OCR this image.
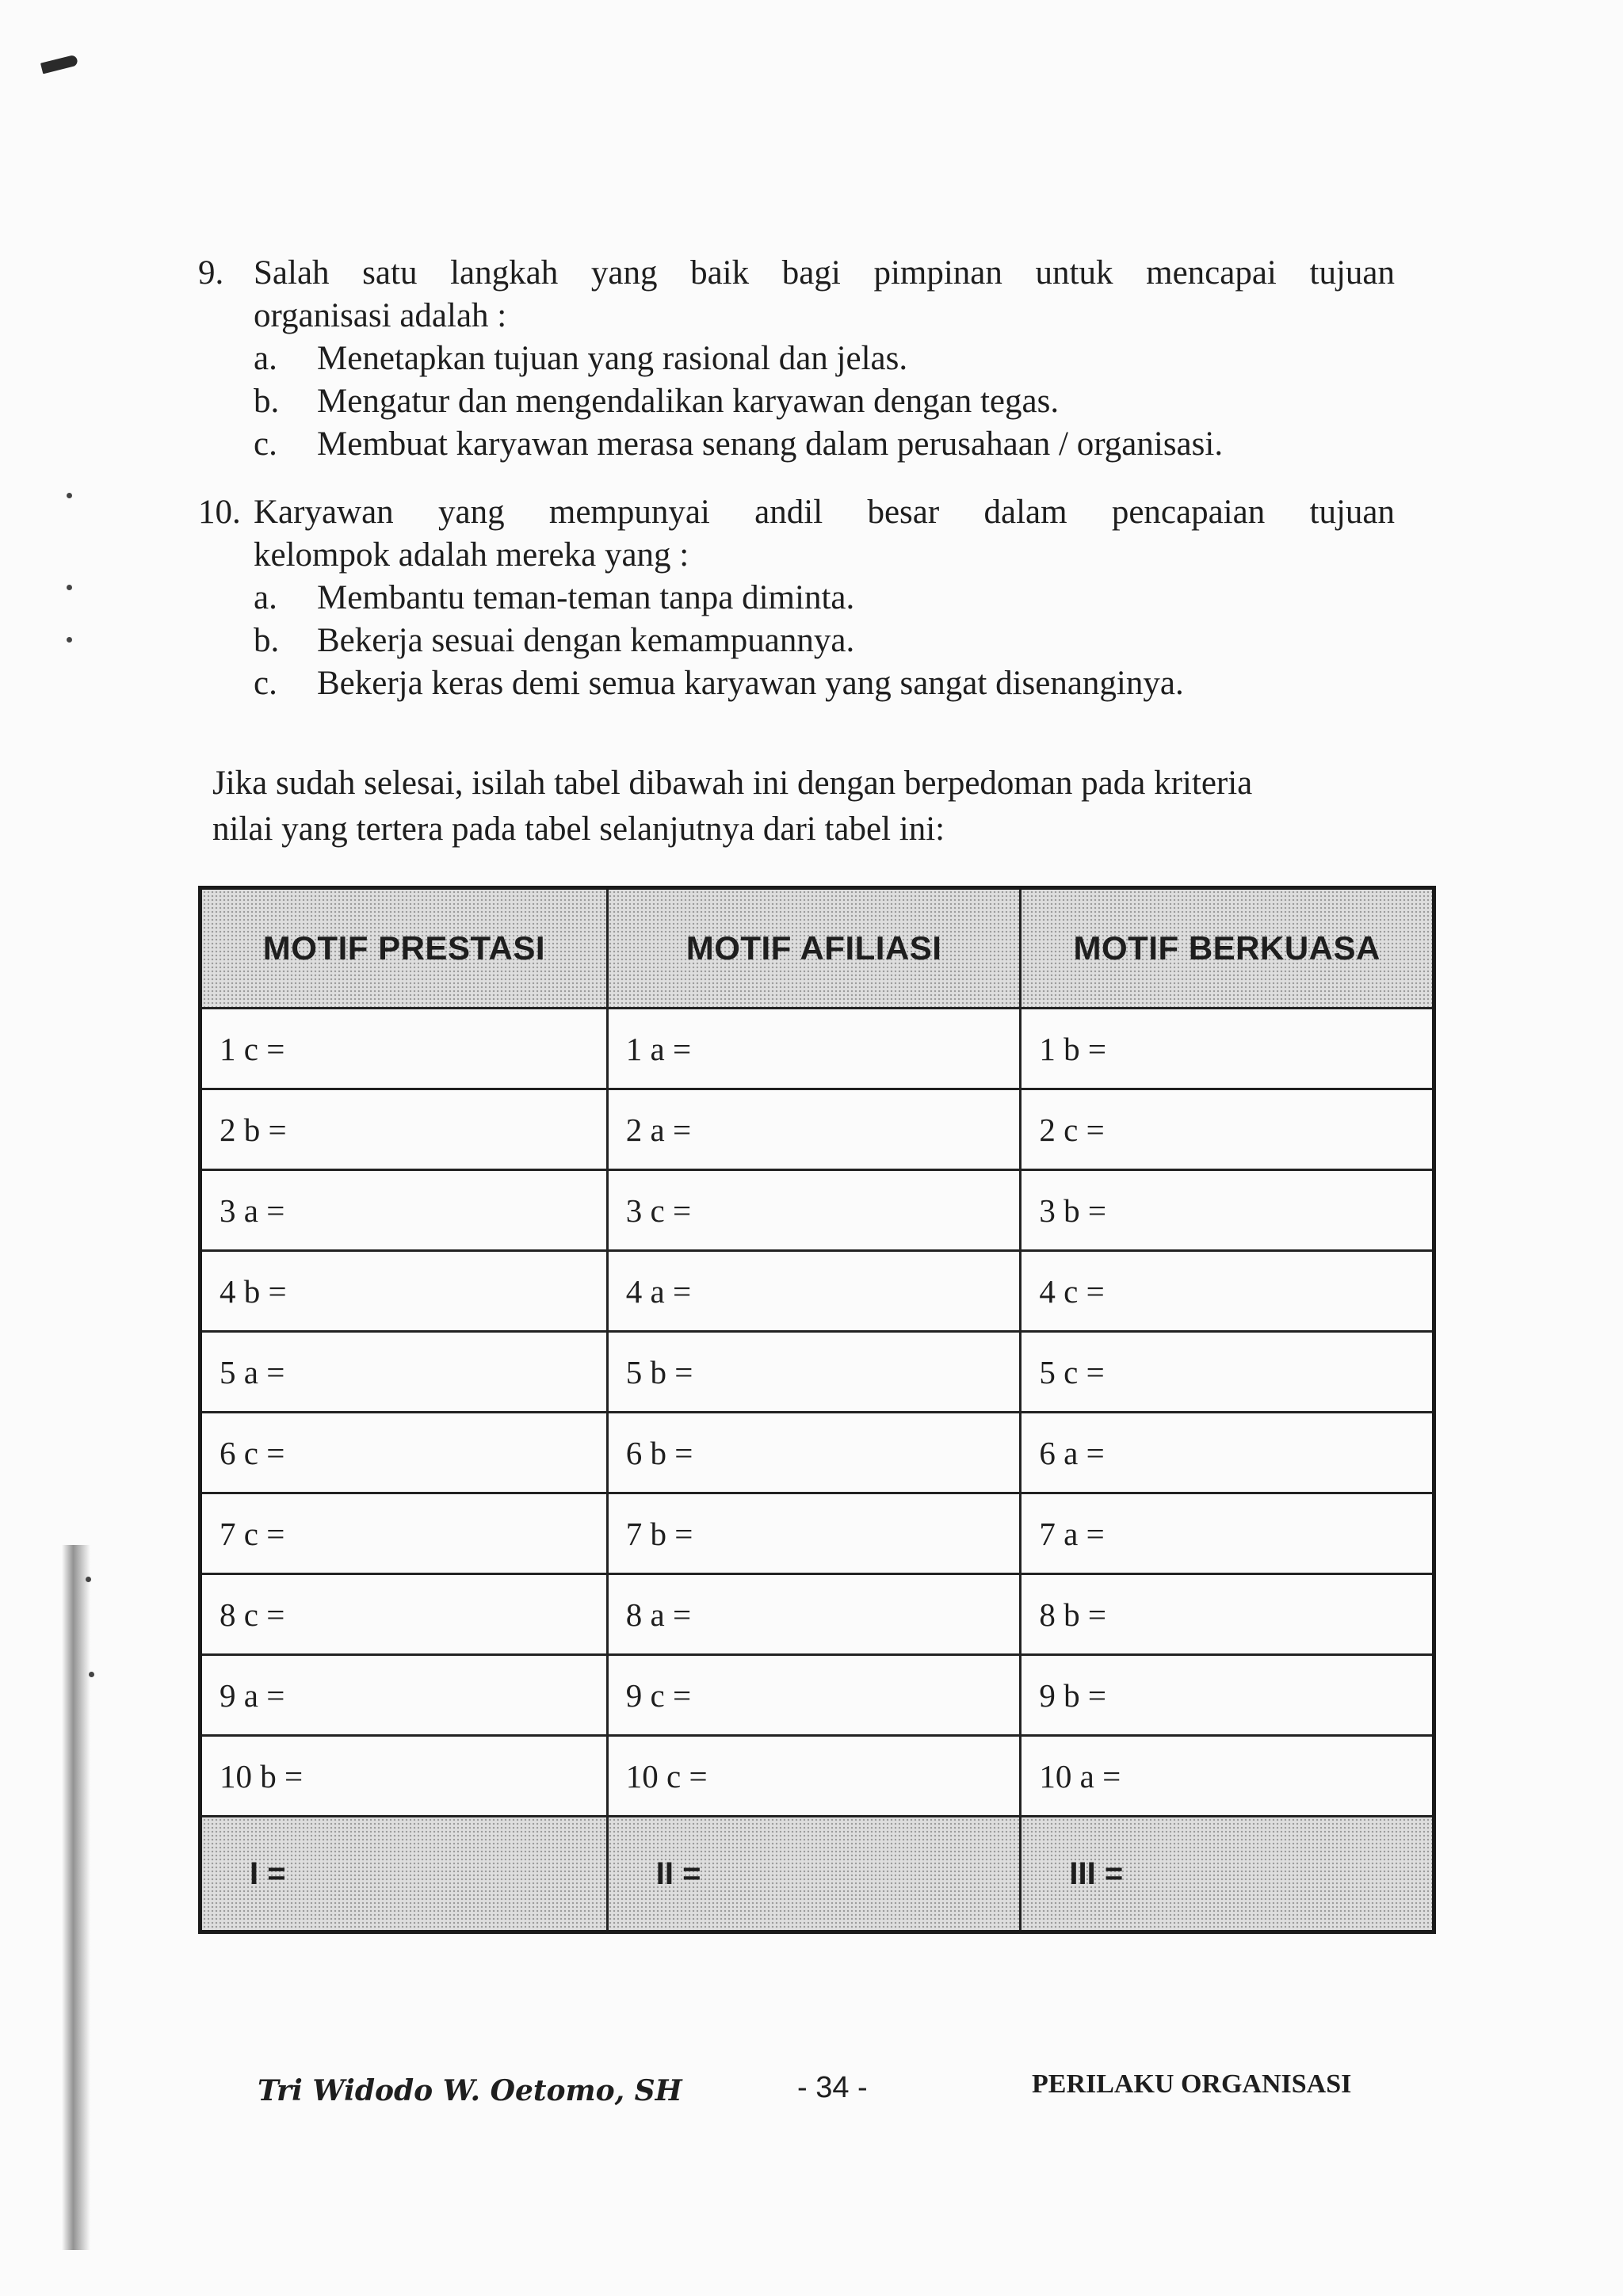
9. Salah satu langkah yang baik bagi pimpinan untuk mencapai tujuan
organisasi adalah :
a. Menetapkan tujuan yang rasional dan jelas.
b. Mengatur dan mengendalikan karyawan dengan tegas.
c. Membuat karyawan merasa senang dalam perusahaan / organisasi.
10. Karyawan yang mempunyai andil besar dalam pencapaian tujuan
kelompok adalah mereka yang :
a. Membantu teman-teman tanpa diminta.
b. Bekerja sesuai dengan kemampuannya.
c. Bekerja keras demi semua karyawan yang sangat disenanginya.
Jika sudah selesai, isilah tabel dibawah ini dengan berpedoman pada kriteria
nilai yang tertera pada tabel selanjutnya dari tabel ini:
MOTIF PRESTASI	MOTIF AFILIASI	MOTIF BERKUASA
1 c =	1 a =	1 b =
2 b =	2 a =	2 c =
3 a =	3 c =	3 b =
4 b =	4 a =	4 c =
5 a =	5 b =	5 c =
6 c =	6 b =	6 a =
7 c =	7 b =	7 a =
8 c =	8 a =	8 b =
9 a =	9 c =	9 b =
10 b =	10 c =	10 a =
I =	II =	III =
Tri Widodo W. Oetomo, SH	- 34 -	PERILAKU ORGANISASI
